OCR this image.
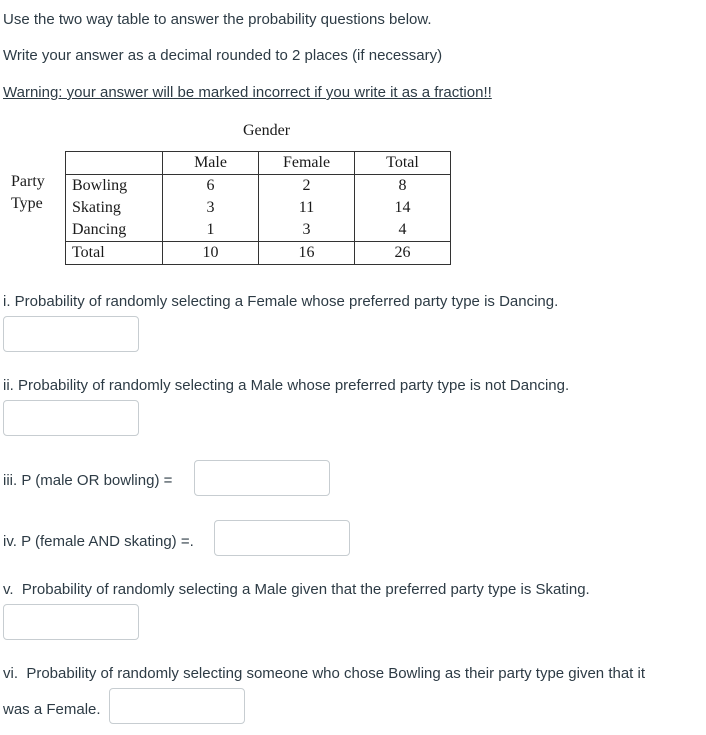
Use the two way table to answer the probability questions below.
Write your answer as a decimal rounded to 2 places (if necessary)
Warning: your answer will be marked incorrect if you write it as a fraction!!
Gender
Party
Type
	Male	Female	Total
Bowling	6	2	8
Skating	3	11	14
Dancing	1	3	4
Total	10	16	26
i. Probability of randomly selecting a Female whose preferred party type is Dancing.
ii. Probability of randomly selecting a Male whose preferred party type is not Dancing.
iii. P (male OR bowling) =
iv. P (female AND skating) =.
v. Probability of randomly selecting a Male given that the preferred party type is Skating.
vi. Probability of randomly selecting someone who chose Bowling as their party type given that it
was a Female.
